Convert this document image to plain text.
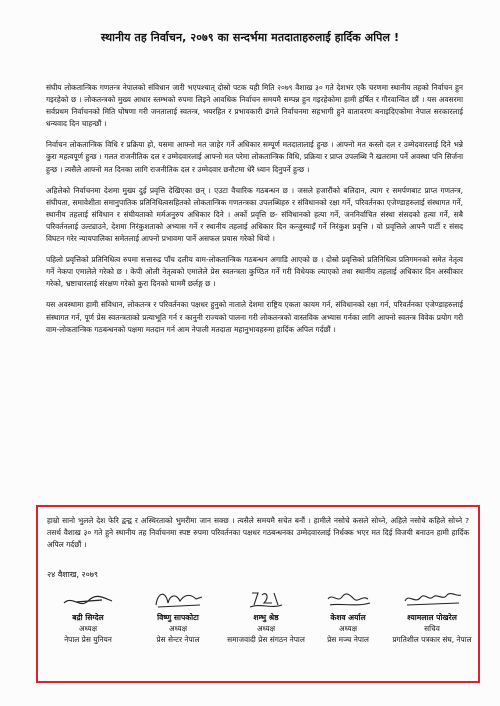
स्थानीय तह निर्वाचन, २०७९ का सन्दर्भमा मतदाताहरुलाई हार्दिक अपिल !

संघीय लोकतान्त्रिक गणतन्त्र नेपालको संविधान जारी भएपश्चात् दोस्रो पटक यही मिति २०७९ वैशाख ३० गते देशभर एकै चरणमा स्थानीय तहको निर्वाचन हुन गइरहेको छ । लोकतन्त्रको मुख्य आधार स्तम्भको रुपमा लिइने आवधिक निर्वाचन समयमै सम्पन्न हुन गइरहेकोमा हामी हर्षित र गौरवान्वित छौं । यस अवसरमा सर्वप्रथम निर्वाचनको मिति घोषणा गरी जनतालाई स्वतन्त्र, भयरहित र प्रभावकारी ढंगले निर्वाचनमा सहभागी हुने वातावरण बनाइदिएकोमा नेपाल सरकारलाई धन्यवाद दिन चाहन्छौं ।

निर्वाचन लोकतान्त्रिक विधि र प्रक्रिया हो, यसमा आफ्नो मत जाहेर गर्ने अधिकार सम्पूर्ण मतदातालाई हुन्छ । आफ्नो मत कस्तो दल र उम्मेदवारलाई दिने भन्ने कुरा महत्वपूर्ण हुन्छ । गलत राजनीतिक दल र उम्मेदवारलाई आफ्नो मत परेमा लोकतान्त्रिक विधि, प्रक्रिया र प्राप्त उपलब्धि नै खतरामा पर्ने अवस्था पनि सिर्जना हुन्छ । त्यसैले आफ्नो मत दिनका लागि राजनीतिक दल र उम्मेदवार छनौटमा धेरै ध्यान दिनुपर्ने हुन्छ ।

अहिलेको निर्वाचनमा देशमा मुख्य दुई प्रवृत्ति देखिएका छन् । एउटा वैचारिक गठबन्धन छ । जसले हजारौंको बलिदान, त्याग र समर्पणबाट प्राप्त गणतन्त्र, संघीयता, समावेशीता समानुपातिक प्रतिनिधित्वसहितको लोकतान्त्रिक गणतन्त्रका उपलब्धिहरु र संविधानको रक्षा गर्ने, परिवर्तनका एजेण्डाहरुलाई संस्थागत गर्ने, स्थानीय तहलाई संविधान र संघीयताको मर्मअनुरुप अधिकार दिने । अर्को प्रवृत्ति छ- संविधानको हत्या गर्ने, जननिर्वाचित संस्था संसदको हत्या गर्ने, सबै परिवर्तनलाई उल्ट्याउने, देशमा निरंकुशताको अभ्यास गर्ने र स्थानीय तहलाई अधिकार दिन कन्जुस्याइँ गर्ने निरंकुश प्रवृत्ति । यो प्रवृत्तिले आफ्नै पार्टी र संसद विघटन गरेर न्यायपालिका समेतलाई आफ्नो प्रभावमा पार्ने असफल प्रयास गरेको थियो ।

पहिलो प्रवृत्तिको प्रतिनिधित्व रुपमा सत्तारुढ पाँच दलीय वाम-लोकतान्त्रिक गठबन्धन अगाडि आएको छ । दोस्रो प्रवृत्तिको प्रतिनिधित्व प्रतिगमनको समेत नेतृत्व गर्ने नेकपा एमालेले गरेको छ । केपी ओली नेतृत्वको एमालेले प्रेस स्वतन्त्रता कुण्ठित गर्ने गरी विधेयक ल्याएको तथा स्थानीय तहलाई अधिकार दिन अस्वीकार गरेको, भ्रष्टाचारलाई संरक्षण गरेको कुरा दिनको घाममैं छर्लङ्ग छ ।

यस अवस्थामा हामी संविधान, लोकतन्त्र र परिवर्तनका पक्षधर हुनुको नाताले देशमा राष्ट्रिय एकता कायम गर्न, संविधानको रक्षा गर्न, परिवर्तनका एजेण्डाहरुलाई संस्थागत गर्न, पूर्ण प्रेस स्वतन्त्रताको प्रत्याभूति गर्न र कानुनी राज्यको पालना गरी लोकतन्त्रको वास्तविक अभ्यास गर्नका लागि आफ्नो स्वतन्त्र विवेक प्रयोग गरी वाम-लोकतान्त्रिक गठबन्धनको पक्षमा मतदान गर्न आम नेपाली मतदाता महानुभावहरुमा हार्दिक अपिल गर्दछौं ।

हाम्रो सानो भुलले देश फेरि द्वन्द्व र अस्थिरताको भुमरीमा जान सक्छ । त्यसैले समयमै सचेत बनौं । हामीले नसोचे कसले सोच्ने, अहिले नसोचे कहिले सोच्ने ? तसर्थ वैशाख ३० गते हुने स्थानीय तह निर्वाचनमा स्पष्ट रुपमा परिवर्तनका पक्षधर गठबन्धनका उम्मेदवारलाई निर्धक्क भएर मत दिई विजयी बनाउन हामी हार्दिक अपिल गर्दछौं ।

२४ वैशाख, २०७९
बद्री सिग्देल
अध्यक्ष
नेपाल प्रेस युनियन
विष्णु सापकोटा
अध्यक्ष
प्रेस सेन्टर नेपाल
शम्भु श्रेष्ठ
अध्यक्ष
समाजवादी प्रेस संगठन नेपाल
केशव अर्याल
अध्यक्ष
प्रेस मञ्च नेपाल
श्यामलाल पोखरेल
सचिव
प्रगतिशील पत्रकार संघ, नेपाल
